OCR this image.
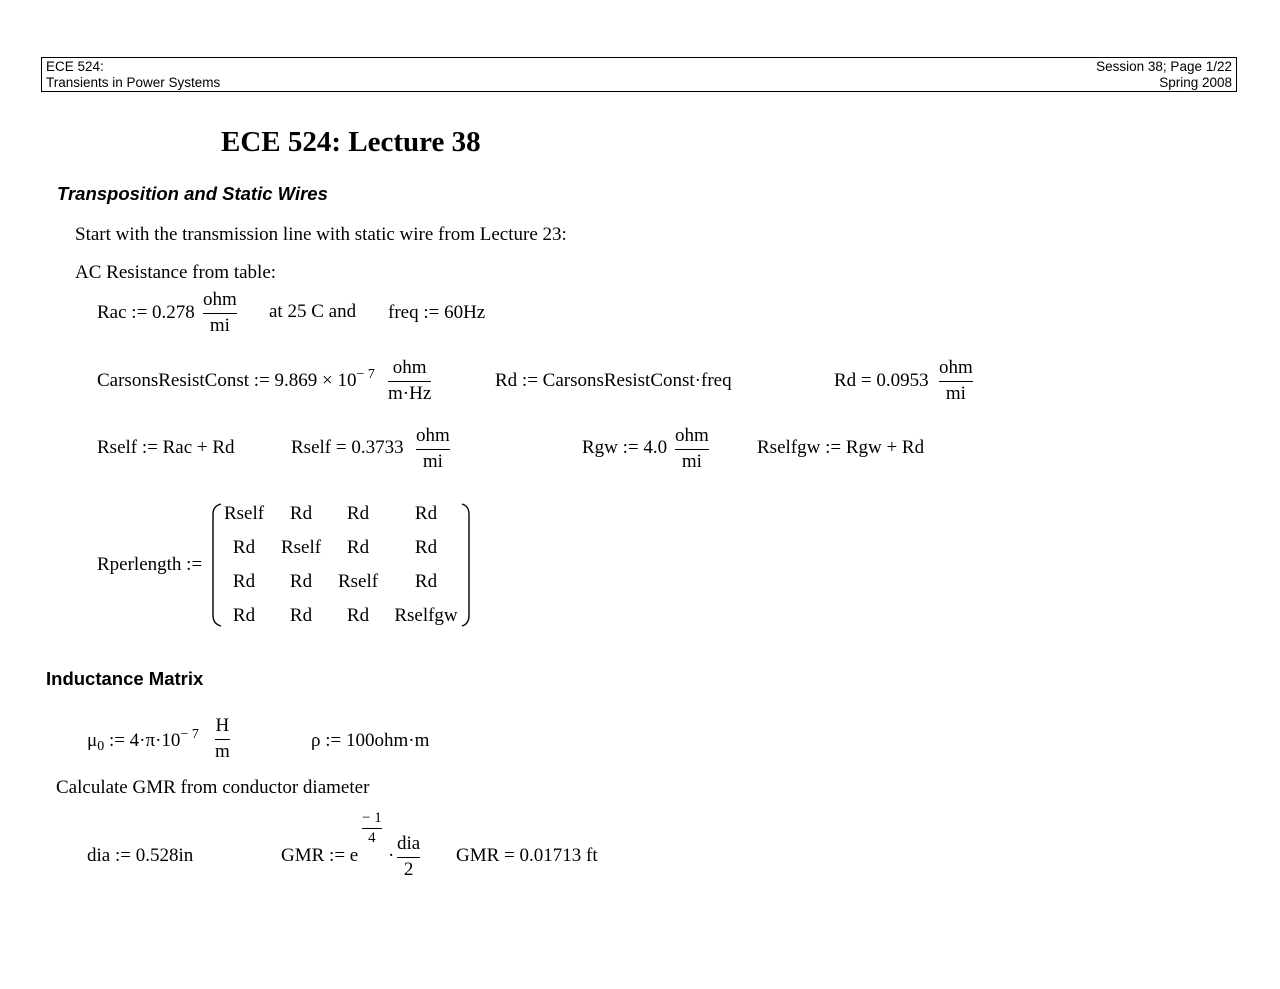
ECE 524:
Transients in Power Systems
Session 38; Page 1/22
Spring 2008
ECE 524: Lecture 38
Transposition and Static Wires
Start with the transmission line with static wire from Lecture 23:
AC Resistance from table:
Rac := 0.278
ohm
mi
at 25 C and freq := 60Hz
CarsonsResistConst := $9.869 \times 10^{- 7}$ ohm
m·Hz
Rd := CarsonsResistConst·freq	Rd = 0.0953
ohm
mi
Rself := Rac + Rd	Rself = 0.3733
ohm
mi
Rgw := 4.0
ohm
mi
Rselfgw := Rgw + Rd
Rperlength :=
Rself	Rd	Rd	Rd
Rd	Rself	Rd	Rd
Rd	Rd	Rself	Rd
Rd	Rd	Rd	Rselfgw
Inductance Matrix
$\mu_0$ := $4\cdot\pi\cdot 10^{- 7}$ H
m
ρ := 100ohm·m
Calculate GMR from conductor diameter
dia := 0.528in	GMR := e
− 1
4
·
dia
2
GMR = 0.01713 ft
